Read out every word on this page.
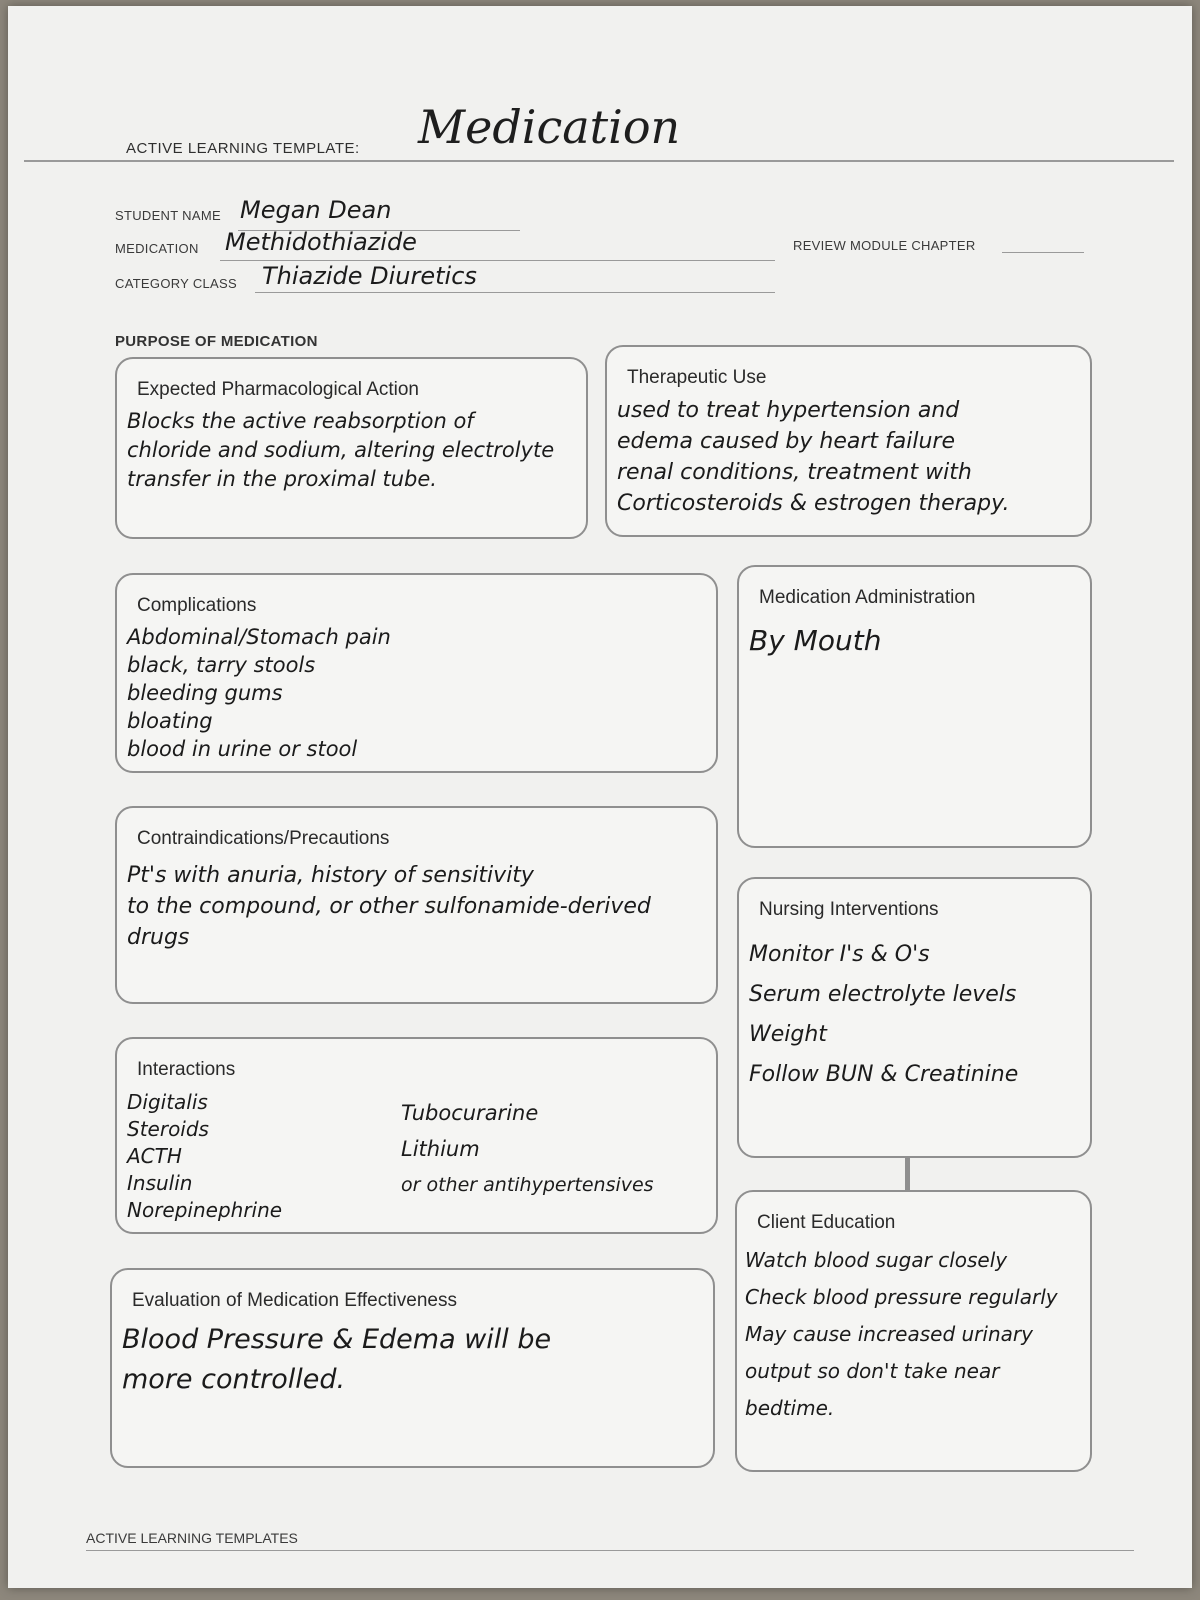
ACTIVE LEARNING TEMPLATE: Medication
STUDENT NAME Megan Dean
MEDICATION Methidothiazide
CATEGORY CLASS Thiazide Diuretics
REVIEW MODULE CHAPTER
PURPOSE OF MEDICATION
Expected Pharmacological Action
Blocks the active reabsorption of
chloride and sodium, altering electrolyte
transfer in the proximal tube.
Therapeutic Use
used to treat hypertension and
edema caused by heart failure
renal conditions, treatment with
Corticosteroids & estrogen therapy.
Complications
Abdominal/Stomach pain
black, tarry stools
bleeding gums
bloating
blood in urine or stool
Medication Administration
By Mouth
Contraindications/Precautions
Pt's with anuria, history of sensitivity
to the compound, or other sulfonamide-derived
drugs
Nursing Interventions
Monitor I's & O's
Serum electrolyte levels
Weight
Follow BUN & Creatinine
Interactions
Digitalis
Steroids
ACTH
Insulin
Norepinephrine
Tubocurarine
Lithium
or other antihypertensives
Client Education
Watch blood sugar closely
Check blood pressure regularly
May cause increased urinary
output so don't take near
bedtime.
Evaluation of Medication Effectiveness
Blood Pressure & Edema will be
more controlled.
ACTIVE LEARNING TEMPLATES
